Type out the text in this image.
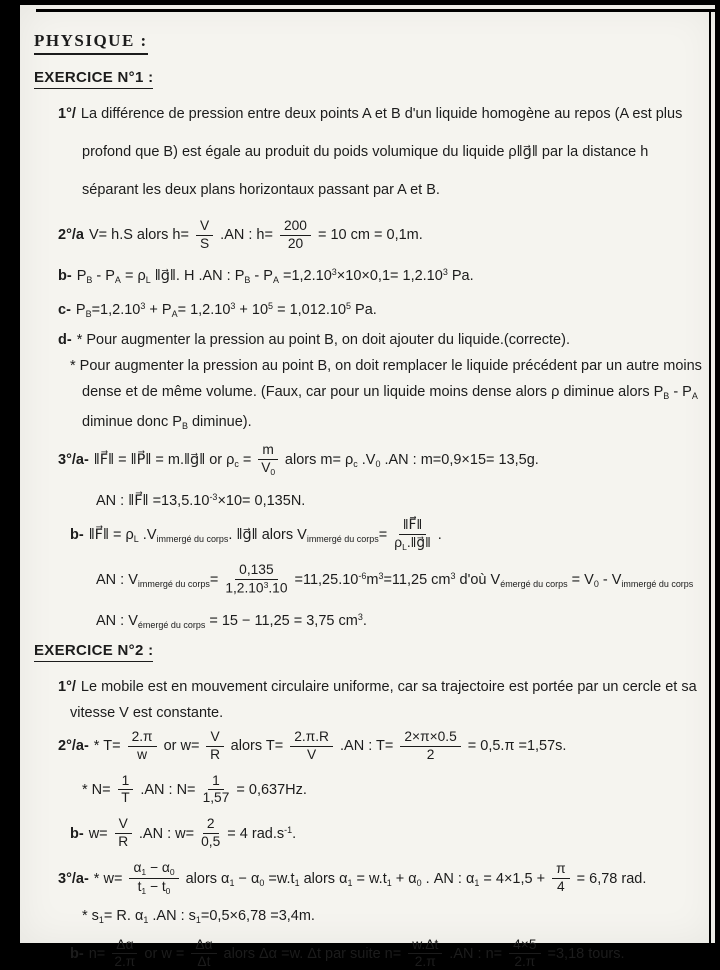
PHYSIQUE :
EXERCICE N°1 :
1°/ La différence de pression entre deux points A et B d'un liquide homogène au repos (A est plus
profond que B) est égale au produit du poids volumique du liquide ρ‖g⃗‖ par la distance h
séparant les deux plans horizontaux passant par A et B.
2°/a V= h.S alors $h= \frac{V}{S} .AN$ : $h= \frac{200}{20} = 10$ cm = 0,1m.
b- $P_B - P_A = \rho_L$ ‖g⃗‖. H .AN : $P_B - P_A =1,2.10^3\times 10\times 0,1= 1,2.10^3$ Pa.
c- $P_B=1,2.10^3 + P_A= 1,2.10^3 + 10^5 = 1,012.10^5$ Pa.
d- * Pour augmenter la pression au point B, on doit ajouter du liquide.(correcte).
* Pour augmenter la pression au point B, on doit remplacer le liquide précédent par un autre moins
dense et de même volume. (Faux, car pour un liquide moins dense alors ρ diminue alors $P_B - P_A$
diminue donc $P_B$ diminue).
3°/a- ‖F⃗‖ = ‖P⃗‖ = m.‖g⃗‖ or $\rho_c = \frac{m}{V_0}$ alors $m= \rho_c$ $.V_0$ .AN : m=0,9×15= 13,5g.
AN : ‖F⃗‖ $=13,5.10^{-3}\times 10= 0,135N$.
b- ‖F⃗‖ = $\rho_L$ $.V_{immergé du corps}$. ‖g⃗‖ alors $V_{immergé du corps}= \frac{‖F⃗‖}{\rho_L.‖g⃗‖}$ .
AN : $V_{immergé du corps}= \frac{0,135}{1,2.10^3.10} =11,25.10^{-6}m^3=11,25$ $cm^3$ d'où $V_{émergé du corps} = V_0 - V_{immergé du corps}$
AN : $V_{émergé du corps} = 15 - 11,25 = 3,75$ $cm^3$.
EXERCICE N°2 :
1°/ Le mobile est en mouvement circulaire uniforme, car sa trajectoire est portée par un cercle et sa
vitesse V est constante.
$2^\circ/a- * T= \frac{2.\pi}{w}$ or $w= \frac{V}{R}$ alors $T= \frac{2.\pi.R}{V} .AN$ : $T= \frac{2\times\pi\times 0.5}{2} = 0,5.\pi =1,57s$.
* $N= \frac{1}{T} .AN$ : $N= \frac{1}{1,57} = 0,637Hz$.
b- $w= \frac{V}{R} .AN$ : $w= \frac{2}{0,5} = 4$ $rad.s^{-1}$.
$3^\circ/a- * w= \frac{\alpha_1 - \alpha_0}{t_1 - t_0}$ alors $\alpha_1 - \alpha_0 =w.t_1$ alors $\alpha_1 = w.t_1 + \alpha_0$ . AN : $\alpha_1 = 4\times 1,5 + \frac{\pi}{4} = 6,78$ rad.
* $s_1= R$. $\alpha_1$ .AN : $s_1=0,5\times 6,78 =3,4m$.
b- $n= \frac{\Delta\alpha}{2.\pi}$ or $w = \frac{\Delta\alpha}{\Delta t}$ alors Δα =w. Δt par suite $n= \frac{w.\Delta t}{2.\pi} .AN$ : $n= \frac{4\times 5}{2.\pi} =3,18$ tours.
